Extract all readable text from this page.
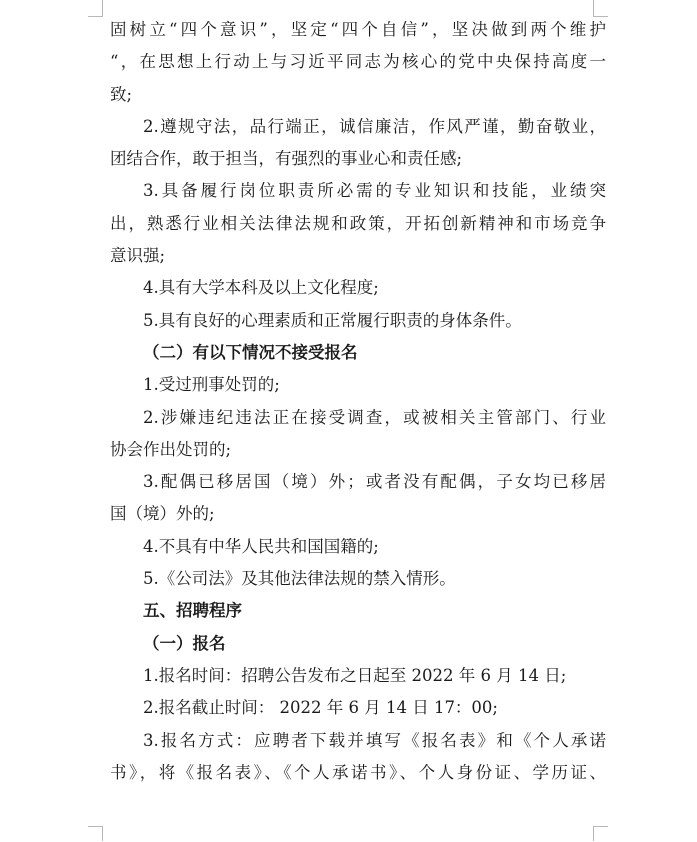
固树立“四个意识”，坚定“四个自信”，坚决做到两个维护
“，在思想上行动上与习近平同志为核心的党中央保持高度一
致;
2.遵规守法，品行端正，诚信廉洁，作风严谨，勤奋敬业，
团结合作，敢于担当，有强烈的事业心和责任感;
3.具备履行岗位职责所必需的专业知识和技能，业绩突
出，熟悉行业相关法律法规和政策，开拓创新精神和市场竞争
意识强;
4.具有大学本科及以上文化程度;
5.具有良好的心理素质和正常履行职责的身体条件。
（二）有以下情况不接受报名
1.受过刑事处罚的;
2.涉嫌违纪违法正在接受调查，或被相关主管部门、行业
协会作出处罚的;
3.配偶已移居国（境）外；或者没有配偶，子女均已移居
国（境）外的;
4.不具有中华人民共和国国籍的;
5.《公司法》及其他法律法规的禁入情形。
五、招聘程序
（一）报名
1.报名时间：招聘公告发布之日起至 2022 年 6 月 14 日;
2.报名截止时间： 2022 年 6 月 14 日 17：00;
3.报名方式：应聘者下载并填写《报名表》和《个人承诺
书》，将《报名表》、《个人承诺书》、个人身份证、学历证、
